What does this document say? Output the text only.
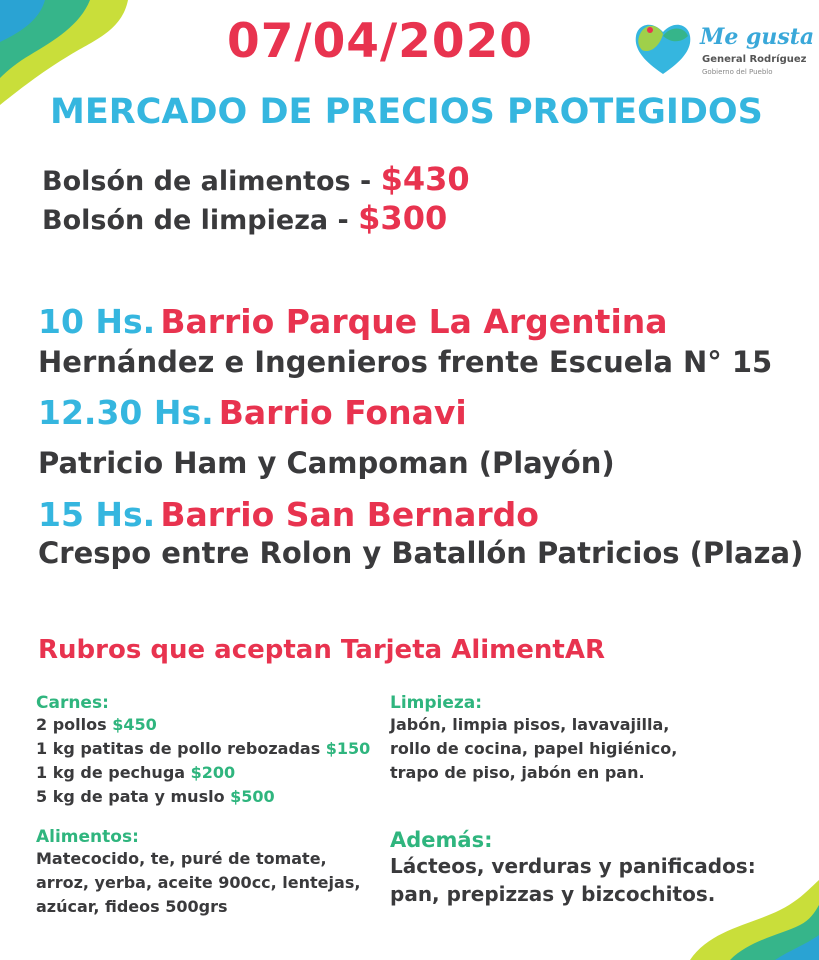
Me gusta
General Rodríguez
Gobierno del Pueblo
07/04/2020
MERCADO DE PRECIOS PROTEGIDOS
Bolsón de alimentos - $430
Bolsón de limpieza - $300
10 Hs. Barrio Parque La Argentina
Hernández e Ingenieros frente Escuela N° 15
12.30 Hs. Barrio Fonavi
Patricio Ham y Campoman (Playón)
15 Hs. Barrio San Bernardo
Crespo entre Rolon y Batallón Patricios (Plaza)
Rubros que aceptan Tarjeta AlimentAR
Carnes:
2 pollos $450
1 kg patitas de pollo rebozadas $150
1 kg de pechuga $200
5 kg de pata y muslo $500
Alimentos:
Matecocido, te, puré de tomate,
arroz, yerba, aceite 900cc, lentejas,
azúcar, fideos 500grs
Limpieza:
Jabón, limpia pisos, lavavajilla,
rollo de cocina, papel higiénico,
trapo de piso, jabón en pan.
Además:
Lácteos, verduras y panificados:
pan, prepizzas y bizcochitos.
